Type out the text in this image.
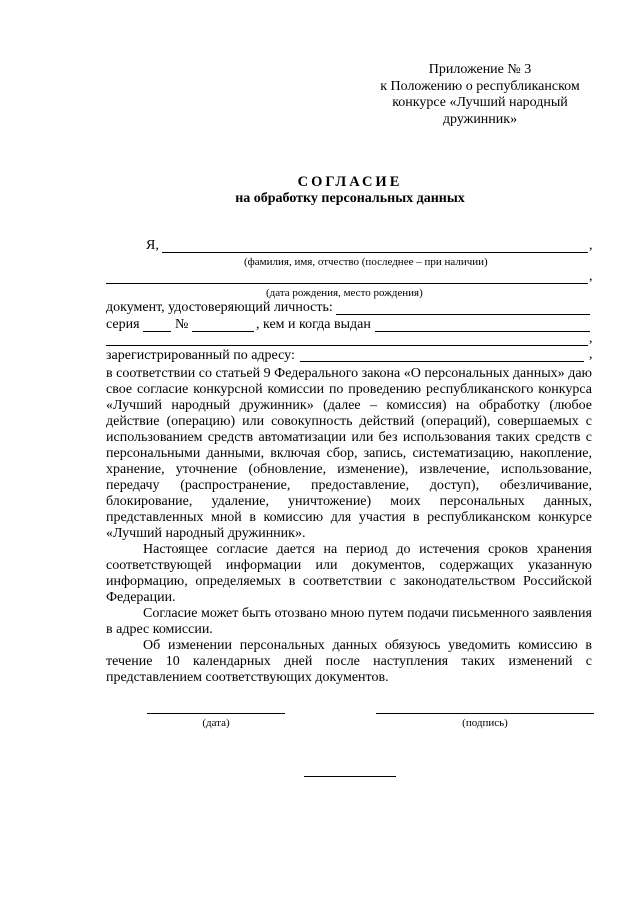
Приложение № 3
к Положению о республиканском
конкурсе «Лучший народный
дружинник»
СОГЛАСИЕ
на обработку персональных данных
Я,	,
(фамилия, имя, отчество (последнее – при наличии)
,
(дата рождения, место рождения)
документ, удостоверяющий личность:
серия	№	, кем и когда выдан
,
зарегистрированный по адресу:	,

в соответствии со статьей 9 Федерального закона «О персональных данных» даю свое согласие конкурсной комиссии по проведению республиканского конкурса «Лучший народный дружинник» (далее – комиссия) на обработку (любое действие (операцию) или совокупность действий (операций), совершаемых с использованием средств автоматизации или без использования таких средств с персональными данными, включая сбор, запись, систематизацию, накопление, хранение, уточнение (обновление, изменение), извлечение, использование, передачу (распространение, предоставление, доступ), обезличивание, блокирование, удаление, уничтожение) моих персональных данных, представленных мной в комиссию для участия в республиканском конкурсе «Лучший народный дружинник».

Настоящее согласие дается на период до истечения сроков хранения соответствующей информации или документов, содержащих указанную информацию, определяемых в соответствии с законодательством Российской Федерации.

Согласие может быть отозвано мною путем подачи письменного заявления в адрес комиссии.

Об изменении персональных данных обязуюсь уведомить комиссию в течение 10 календарных дней после наступления таких изменений с представлением соответствующих документов.

(дата)	(подпись)
